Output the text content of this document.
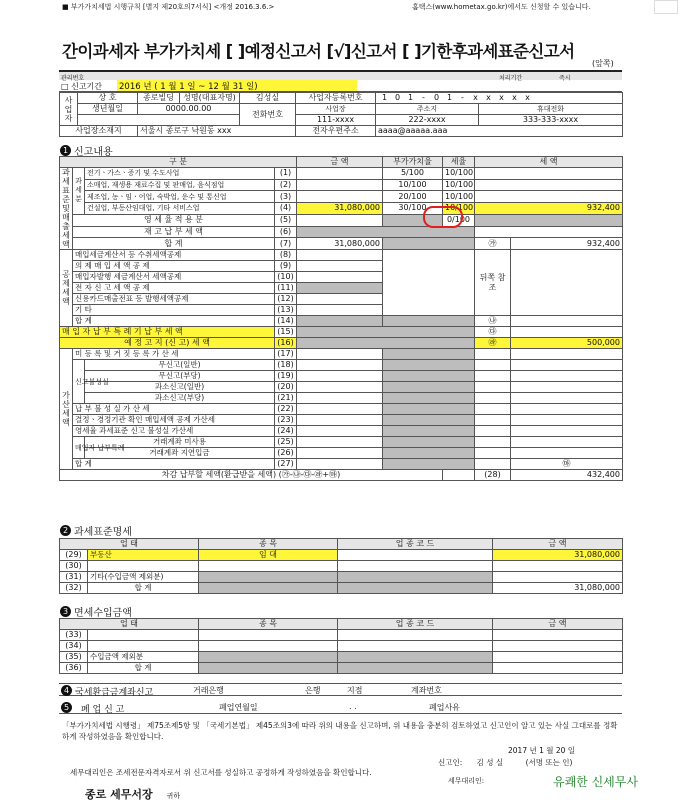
■ 부가가치세법 시행규칙 [별지 제20호의7서식] <개정 2016.3.6.>	홈택스(www.hometax.go.kr)에서도 신청할 수 있습니다.
간이과세자 부가가치세 [ ]예정신고서 [√]신고서 [ ]기한후과세표준신고서
(앞쪽)
관리번호	처리기간	즉시
□ 신고기간 2016 년 ( 1 월 1 일 ~ 12 월 31 일)
사업자	상 호	종로빌딩	성명(대표자명)	김성실	사업자등록번호	1 0 1 - 0 1 - x x x x x	
	생년월일	0000.00.00		전화번호	사업장	주소지	휴대전화
					111-xxxx	222-xxxx	333-333-xxxx
사업장소재지		서울시 종로구 낙원동 xxx			전자우편주소	aaaa@aaaaa.aaa	
1 신고내용
구 분				금 액	부가가치율	세율	세 액	
과세표준 및 매출세액	과세분	전기ㆍ가스ㆍ증기 및 수도사업	(1)		5/100	10/100		
		소매업, 재생용 재료수집 및 판매업, 음식점업	(2)		10/100	10/100		
		제조업, 농ㆍ임ㆍ어업, 숙박업, 운수 및 통신업	(3)		20/100	10/100		
		건설업, 부동산임대업, 기타 서비스업	(4)	31,080,000	30/100	10/100	932,400	
	영 세 율 적 용 분		(5)			0/100		
	재 고 납 부 세 액		(6)					
	합 계		(7)	31,080,000			㉮	932,400
공제세액	매입세금계산서 등 수취세액공제		(8)				뒤쪽 참조	
	의 제 매 입 세 액 공 제		(9)					
	매입자발행 세금계산서 세액공제		(10)					
	전 자 신 고 세 액 공 제		(11)					
	신용카드매출전표 등 발행세액공제		(12)					
	기 타		(13)					
	합 계		(14)				㉯	
매 입 자 납 부 특 례 기 납 부 세 액			(15)				㉰	
예 정 고 지 (신 고) 세 액			(16)				㉱	500,000
가산세액	미 등 록 및 거 짓 등 록 가 산 세		(17)					
	신고불성실	무신고(일반)	(18)					
		무신고(부당)	(19)					
		과소신고(일반)	(20)					
		과소신고(부당)	(21)					
	납 부 불 성 실 가 산 세		(22)					
	결정ㆍ경정기관 확인 매입세액 공제 가산세		(23)					
	영세율 과세표준 신고 불성실 가산세		(24)					
	매입자 납부특례	거래계좌 미사용	(25)					
		거래계좌 지연입금	(26)					
	합 계		(27)					㉲
차감 납부할 세액(환급받을 세액) (㉮-㉯-㉰-㉱+㉲)							(28)	432,400
2 과세표준명세
업 태		종 목	업 종 코 드	금 액
(29)	부동산	임 대		31,080,000
(30)				
(31)	기타(수입금액 제외분)			
(32)	합 계			31,080,000
3 면세수입금액
업 태		종 목	업 종 코 드	금 액
(33)				
(34)				
(35)	수입금액 제외분			
(36)	합 계			
4 국세환급금계좌신고	거래은행	은행	지점	계좌번호
5	폐 업 신 고	폐업연월일	. .	폐업사유
「부가가치세법 시행령」 제75조제5항 및 「국세기본법」 제45조의3에 따라 위의 내용을 신고하며, 위 내용을 충분히 검토하였고 신고인이 알고 있는 사실 그대로를 정확하게 작성하였음을 확인합니다.
2017 년 1 월 20 일
신고인: 김 성 실	(서명 또는 인)
세무대리인은 조세전문자격자로서 위 신고서를 성실하고 공정하게 작성하였음을 확인합니다.
세무대리인:	유쾌한 신세무사
종로 세무서장 귀하
